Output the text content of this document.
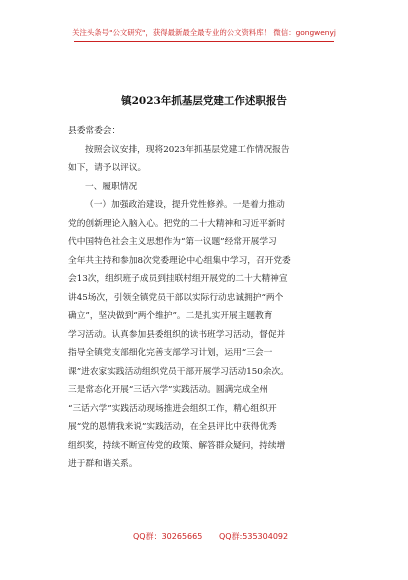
关注头条号"公文研究"，获得最新最全最专业的公文资料库！ 微信：gongwenyj
镇2023年抓基层党建工作述职报告

县委常委会：

按照会议安排，现将2023年抓基层党建工作情况报告

如下，请予以评议。

一、履职情况

（一）加强政治建设，提升党性修养。一是着力推动

党的创新理论入脑入心。把党的二十大精神和习近平新时

代中国特色社会主义思想作为“第一议题”经常开展学习

全年共主持和参加8次党委理论中心组集中学习，召开党委

会13次，组织班子成员到挂联村组开展党的二十大精神宣

讲45场次，引领全镇党员干部以实际行动忠诚拥护“两个

确立”，坚决做到“两个维护”。二是扎实开展主题教育

学习活动。认真参加县委组织的读书班学习活动，督促并

指导全镇党支部细化完善支部学习计划，运用“三会一

课”进农家实践活动组织党员干部开展学习活动150余次。

三是常态化开展“三话六学”实践活动。圆满完成全州

“三话六学”实践活动现场推进会组织工作，精心组织开

展“党的恩情我来说”实践活动，在全县评比中获得优秀

组织奖，持续不断宣传党的政策、解答群众疑问，持续增

进于群和谐关系。

QQ群：30265665 QQ群:535304092
